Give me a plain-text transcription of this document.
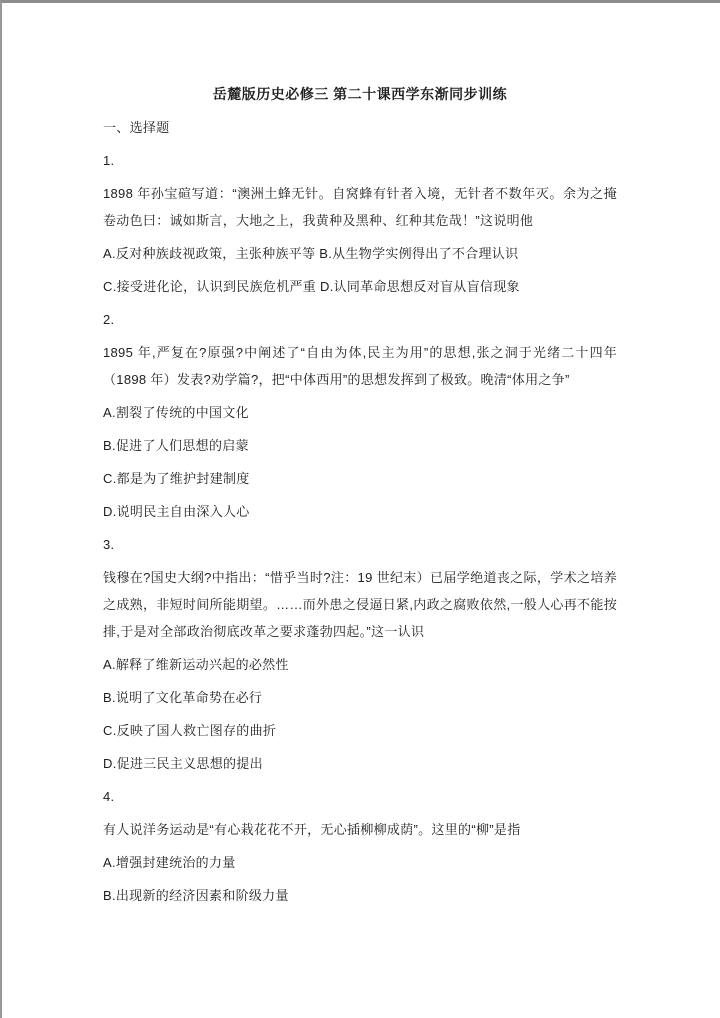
岳麓版历史必修三 第二十课西学东渐同步训练

一、选择题

1.

1898 年孙宝碹写道：“澳洲土蜂无针。自窝蜂有针者入境，无针者不数年灭。余为之掩卷动色曰：诚如斯言，大地之上，我黄种及黑种、红种其危哉！”这说明他

A.反对种族歧视政策，主张种族平等 B.从生物学实例得出了不合理认识

C.接受进化论，认识到民族危机严重 D.认同革命思想反对盲从盲信现象

2.

1895 年,严复在?原强?中阐述了“自由为体,民主为用”的思想,张之洞于光绪二十四年（1898 年）发表?劝学篇?，把“中体西用”的思想发挥到了极致。晚清“体用之争”

A.割裂了传统的中国文化

B.促进了人们思想的启蒙

C.都是为了维护封建制度

D.说明民主自由深入人心

3.

钱穆在?国史大纲?中指出：“惜乎当时?注：19 世纪末）已届学绝道丧之际，学术之培养之成熟，非短时间所能期望。……而外患之侵逼日紧,内政之腐败依然,一般人心再不能按排,于是对全部政治彻底改革之要求蓬勃四起。”这一认识

A.解释了维新运动兴起的必然性

B.说明了文化革命势在必行

C.反映了国人救亡图存的曲折

D.促进三民主义思想的提出

4.

有人说洋务运动是“有心栽花花不开，无心插柳柳成荫”。这里的“柳”是指

A.增强封建统治的力量

B.出现新的经济因素和阶级力量
